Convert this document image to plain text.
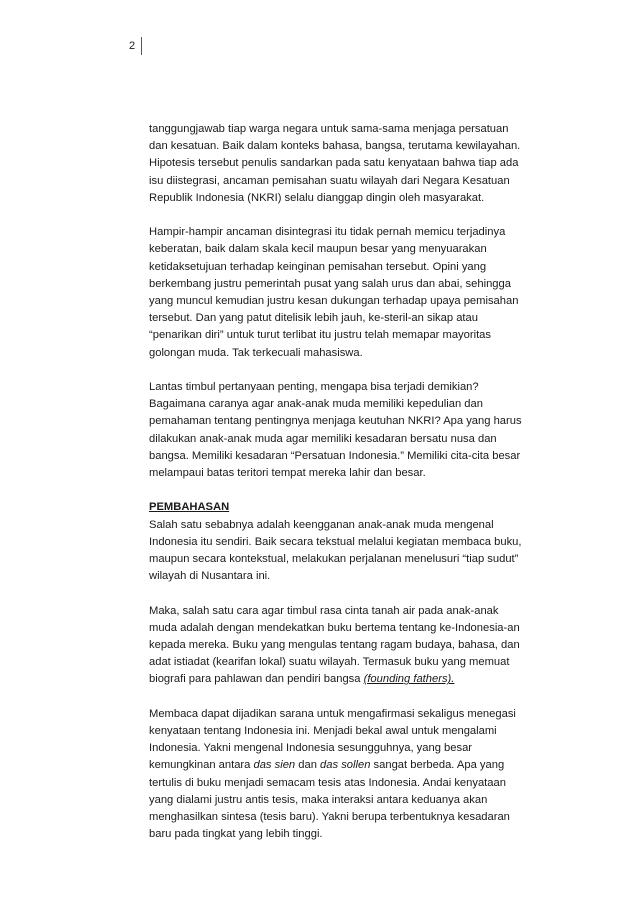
2

tanggungjawab tiap warga negara untuk sama-sama menjaga persatuan
dan kesatuan. Baik dalam konteks bahasa, bangsa, terutama kewilayahan.
Hipotesis tersebut penulis sandarkan pada satu kenyataan bahwa tiap ada
isu diistegrasi, ancaman pemisahan suatu wilayah dari Negara Kesatuan
Republik Indonesia (NKRI) selalu dianggap dingin oleh masyarakat.

Hampir-hampir ancaman disintegrasi itu tidak pernah memicu terjadinya
keberatan, baik dalam skala kecil maupun besar yang menyuarakan
ketidaksetujuan terhadap keinginan pemisahan tersebut. Opini yang
berkembang justru pemerintah pusat yang salah urus dan abai, sehingga
yang muncul kemudian justru kesan dukungan terhadap upaya pemisahan
tersebut. Dan yang patut ditelisik lebih jauh, ke-steril-an sikap atau
“penarikan diri” untuk turut terlibat itu justru telah memapar mayoritas
golongan muda. Tak terkecuali mahasiswa.

Lantas timbul pertanyaan penting, mengapa bisa terjadi demikian?
Bagaimana caranya agar anak-anak muda memiliki kepedulian dan
pemahaman tentang pentingnya menjaga keutuhan NKRI? Apa yang harus
dilakukan anak-anak muda agar memiliki kesadaran bersatu nusa dan
bangsa. Memiliki kesadaran “Persatuan Indonesia.” Memiliki cita-cita besar
melampaui batas teritori tempat mereka lahir dan besar.

PEMBAHASAN
Salah satu sebabnya adalah keengganan anak-anak muda mengenal
Indonesia itu sendiri. Baik secara tekstual melalui kegiatan membaca buku,
maupun secara kontekstual, melakukan perjalanan menelusuri “tiap sudut”
wilayah di Nusantara ini.

Maka, salah satu cara agar timbul rasa cinta tanah air pada anak-anak
muda adalah dengan mendekatkan buku bertema tentang ke-Indonesia-an
kepada mereka. Buku yang mengulas tentang ragam budaya, bahasa, dan
adat istiadat (kearifan lokal) suatu wilayah. Termasuk buku yang memuat
biografi para pahlawan dan pendiri bangsa (founding fathers).

Membaca dapat dijadikan sarana untuk mengafirmasi sekaligus menegasi
kenyataan tentang Indonesia ini. Menjadi bekal awal untuk mengalami
Indonesia. Yakni mengenal Indonesia sesungguhnya, yang besar
kemungkinan antara das sien dan das sollen sangat berbeda. Apa yang
tertulis di buku menjadi semacam tesis atas Indonesia. Andai kenyataan
yang dialami justru antis tesis, maka interaksi antara keduanya akan
menghasilkan sintesa (tesis baru). Yakni berupa terbentuknya kesadaran
baru pada tingkat yang lebih tinggi.
